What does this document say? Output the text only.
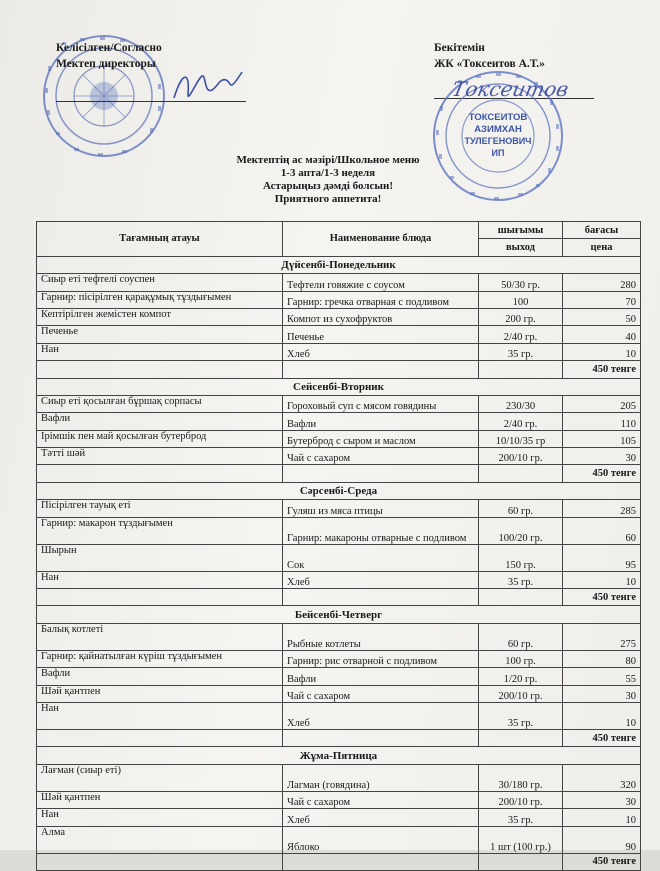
Келісілген/Согласно
Мектеп директоры
Бекітемін
ЖК «Токсеитов А.Т.»
ТОКСЕИТОВ
АЗИМХАН
ТУЛЕГЕНОВИЧ
ИП
Токсеитов
Мектептің ас мәзірі/Школьное меню
1-3 апта/1-3 неделя
Астарыңыз дәмді болсын!
Приятного аппетита!
Тағамның атауы	Наименование блюда	шығымы	бағасы
		выход	цена
Дүйсенбі-Понедельник			
Сиыр еті тефтелі соуспен	Тефтели говяжие с соусом	50/30 гр.	280
Гарнир: пісірілген қарақұмық тұздығымен	Гарнир: гречка отварная с подливом	100	70
Кептірілген жемістен компот	Компот из сухофруктов	200 гр.	50
Печенье	Печенье	2/40 гр.	40
Нан	Хлеб	35 гр.	10
			450 тенге
Сейсенбі-Вторник			
Сиыр еті қосылған бұршақ сорпасы	Гороховый суп с мясом говядины	230/30	205
Вафли	Вафли	2/40 гр.	110
Ірімшік пен май қосылған бутерброд	Бутерброд с сыром и маслом	10/10/35 гр	105
Тәтті шәй	Чай с сахаром	200/10 гр.	30
			450 тенге
Сәрсенбі-Среда			
Пісірілген тауық еті	Гуляш из мяса птицы	60 гр.	285
Гарнир: макарон тұздығымен	Гарнир: макароны отварные с подливом	100/20 гр.	60
Шырын	Сок	150 гр.	95
Нан	Хлеб	35 гр.	10
			450 тенге
Бейсенбі-Четверг			
Балық котлеті	Рыбные котлеты	60 гр.	275
Гарнир: қайнатылған күріш тұздығымен	Гарнир: рис отварной с подливом	100 гр.	80
Вафли	Вафли	1/20 гр.	55
Шәй қантпен	Чай с сахаром	200/10 гр.	30
Нан	Хлеб	35 гр.	10
			450 тенге
Жұма-Пятница			
Лағман (сиыр еті)	Лагман (говядина)	30/180 гр.	320
Шәй қантпен	Чай с сахаром	200/10 гр.	30
Нан	Хлеб	35 гр.	10
Алма	Яблоко	1 шт (100 гр.)	90
			450 тенге
